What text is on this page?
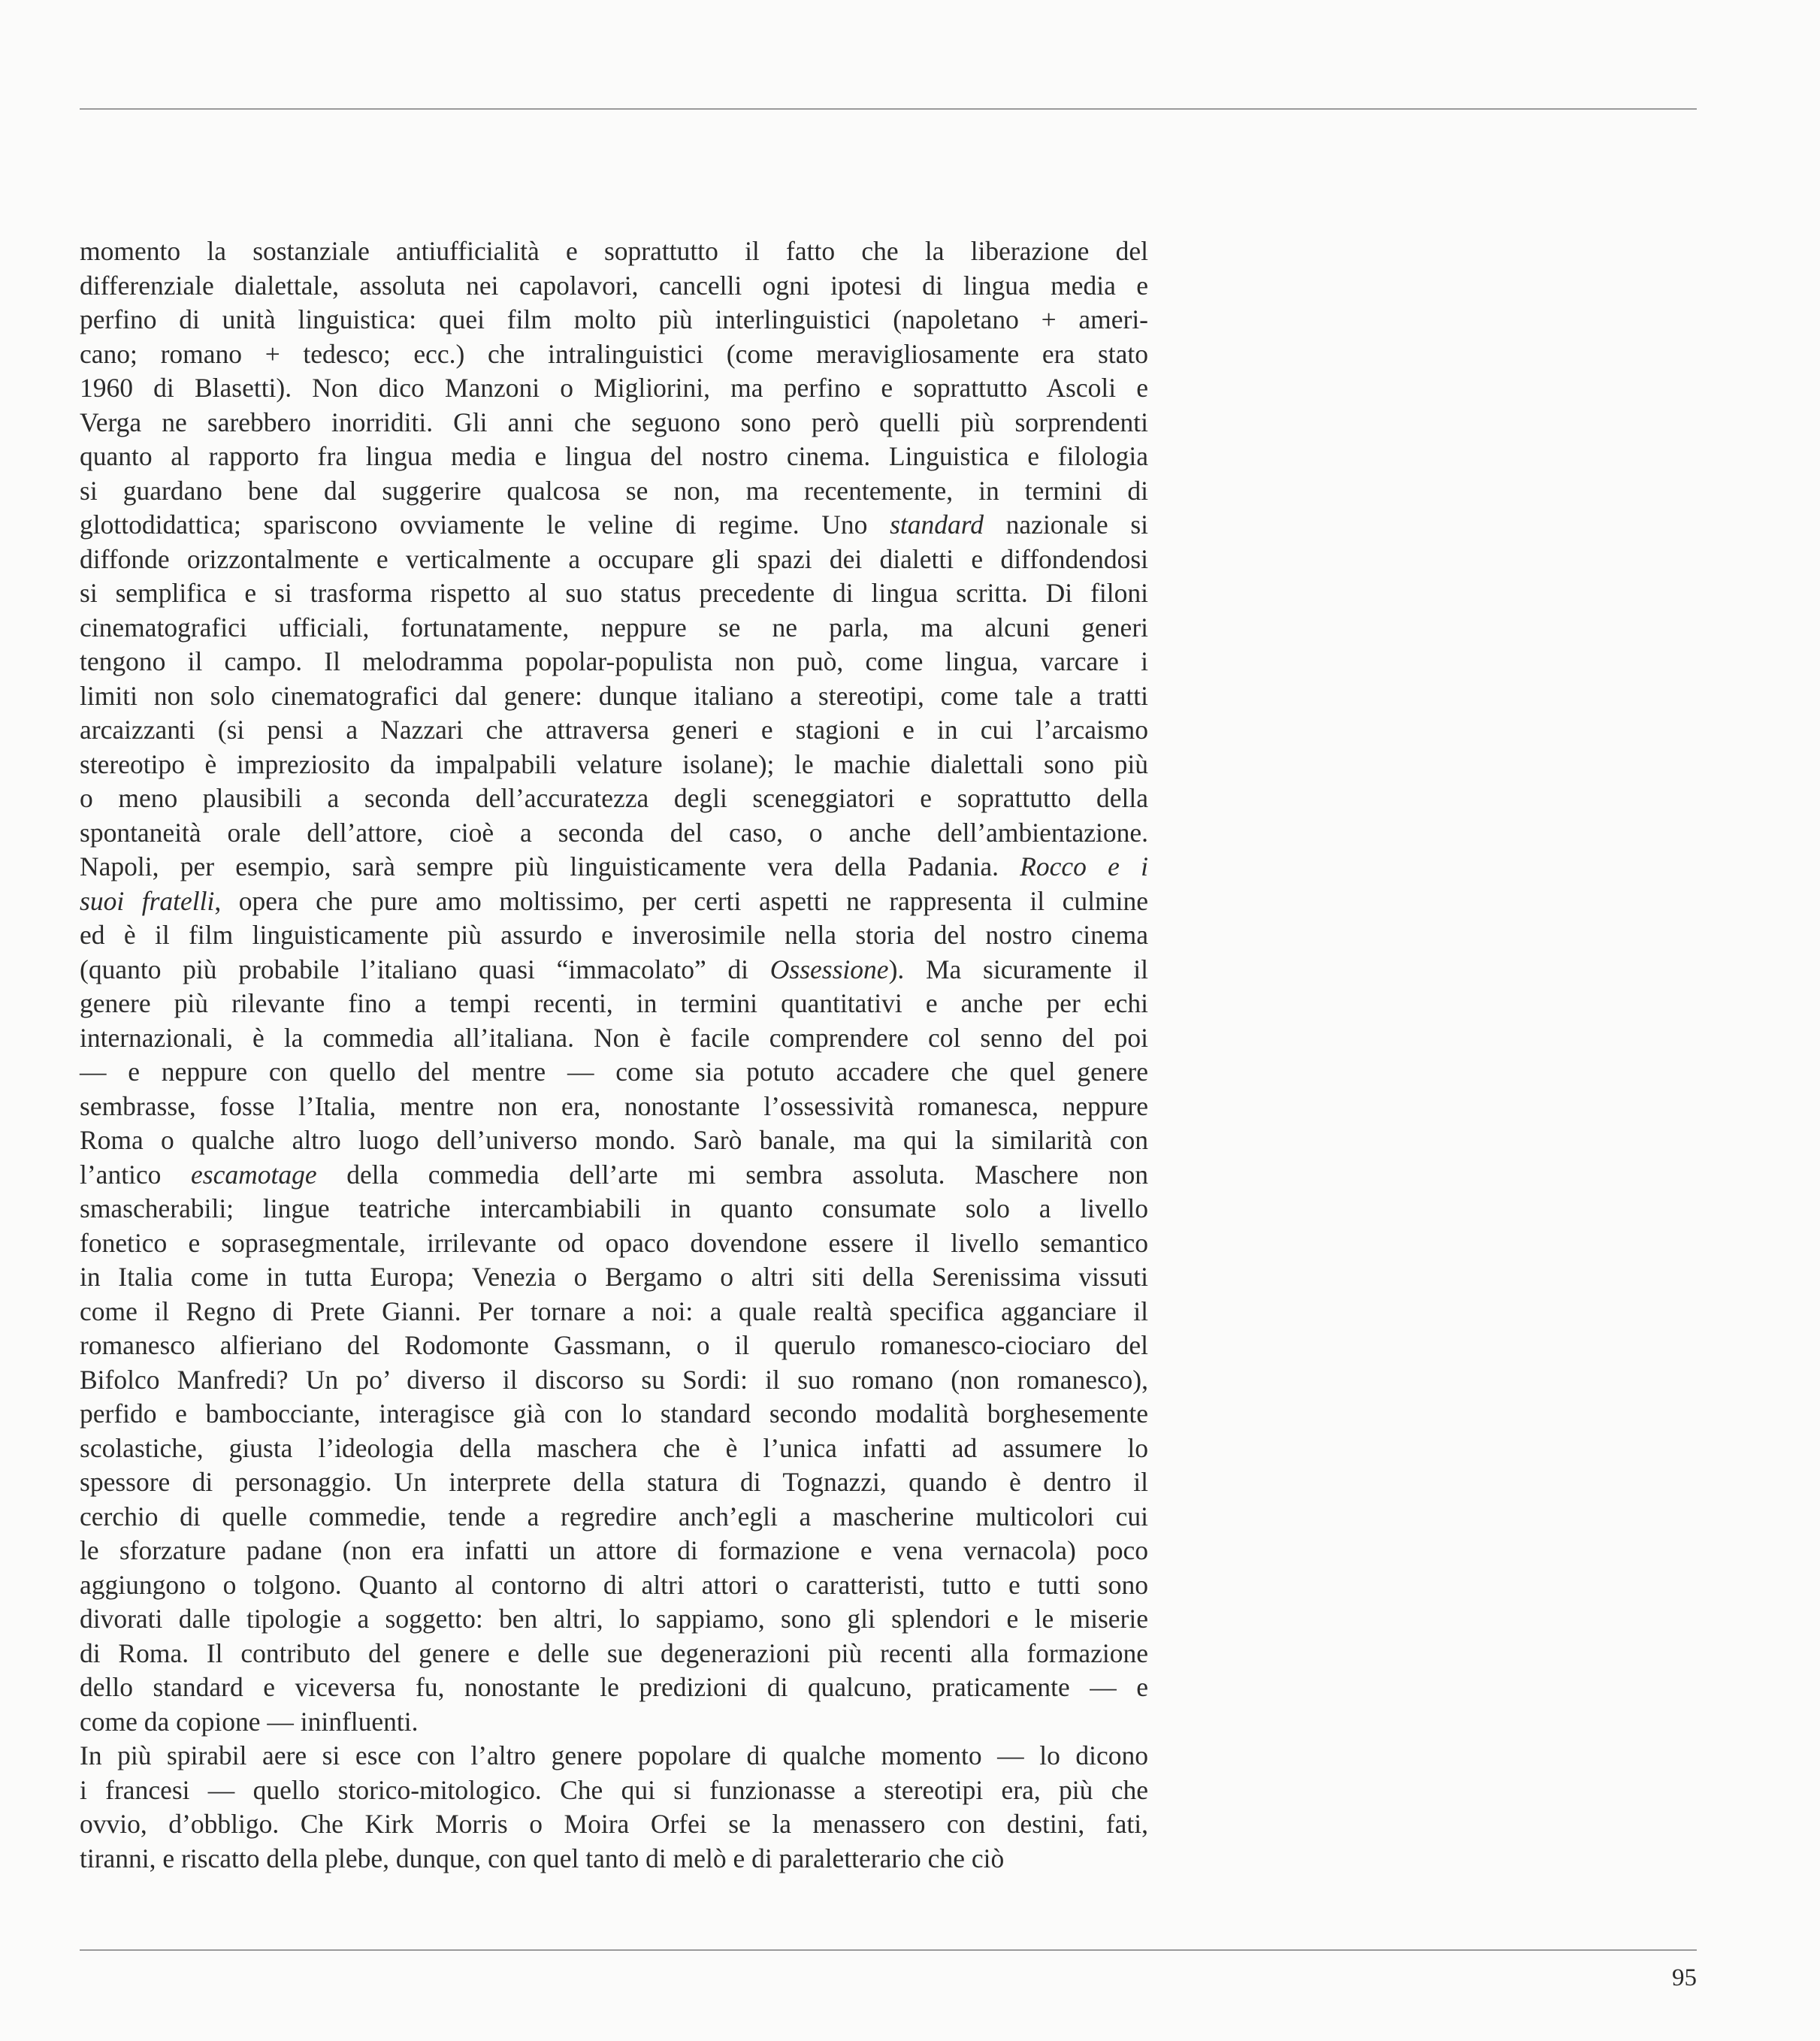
momento la sostanziale antiufficialità e soprattutto il fatto che la liberazione del
differenziale dialettale, assoluta nei capolavori, cancelli ogni ipotesi di lingua media e
perfino di unità linguistica: quei film molto più interlinguistici (napoletano + ameri-
cano; romano + tedesco; ecc.) che intralinguistici (come meravigliosamente era stato
1960 di Blasetti). Non dico Manzoni o Migliorini, ma perfino e soprattutto Ascoli e
Verga ne sarebbero inorriditi. Gli anni che seguono sono però quelli più sorprendenti
quanto al rapporto fra lingua media e lingua del nostro cinema. Linguistica e filologia
si guardano bene dal suggerire qualcosa se non, ma recentemente, in termini di
glottodidattica; spariscono ovviamente le veline di regime. Uno standard nazionale si
diffonde orizzontalmente e verticalmente a occupare gli spazi dei dialetti e diffondendosi
si semplifica e si trasforma rispetto al suo status precedente di lingua scritta. Di filoni
cinematografici ufficiali, fortunatamente, neppure se ne parla, ma alcuni generi
tengono il campo. Il melodramma popolar-populista non può, come lingua, varcare i
limiti non solo cinematografici dal genere: dunque italiano a stereotipi, come tale a tratti
arcaizzanti (si pensi a Nazzari che attraversa generi e stagioni e in cui l’arcaismo
stereotipo è impreziosito da impalpabili velature isolane); le machie dialettali sono più
o meno plausibili a seconda dell’accuratezza degli sceneggiatori e soprattutto della
spontaneità orale dell’attore, cioè a seconda del caso, o anche dell’ambientazione.
Napoli, per esempio, sarà sempre più linguisticamente vera della Padania. Rocco e i
suoi fratelli, opera che pure amo moltissimo, per certi aspetti ne rappresenta il culmine
ed è il film linguisticamente più assurdo e inverosimile nella storia del nostro cinema
(quanto più probabile l’italiano quasi “immacolato” di Ossessione). Ma sicuramente il
genere più rilevante fino a tempi recenti, in termini quantitativi e anche per echi
internazionali, è la commedia all’italiana. Non è facile comprendere col senno del poi
— e neppure con quello del mentre — come sia potuto accadere che quel genere
sembrasse, fosse l’Italia, mentre non era, nonostante l’ossessività romanesca, neppure
Roma o qualche altro luogo dell’universo mondo. Sarò banale, ma qui la similarità con
l’antico escamotage della commedia dell’arte mi sembra assoluta. Maschere non
smascherabili; lingue teatriche intercambiabili in quanto consumate solo a livello
fonetico e soprasegmentale, irrilevante od opaco dovendone essere il livello semantico
in Italia come in tutta Europa; Venezia o Bergamo o altri siti della Serenissima vissuti
come il Regno di Prete Gianni. Per tornare a noi: a quale realtà specifica agganciare il
romanesco alfieriano del Rodomonte Gassmann, o il querulo romanesco-ciociaro del
Bifolco Manfredi? Un po’ diverso il discorso su Sordi: il suo romano (non romanesco),
perfido e bambocciante, interagisce già con lo standard secondo modalità borghesemente
scolastiche, giusta l’ideologia della maschera che è l’unica infatti ad assumere lo
spessore di personaggio. Un interprete della statura di Tognazzi, quando è dentro il
cerchio di quelle commedie, tende a regredire anch’egli a mascherine multicolori cui
le sforzature padane (non era infatti un attore di formazione e vena vernacola) poco
aggiungono o tolgono. Quanto al contorno di altri attori o caratteristi, tutto e tutti sono
divorati dalle tipologie a soggetto: ben altri, lo sappiamo, sono gli splendori e le miserie
di Roma. Il contributo del genere e delle sue degenerazioni più recenti alla formazione
dello standard e viceversa fu, nonostante le predizioni di qualcuno, praticamente — e
come da copione — ininfluenti.
In più spirabil aere si esce con l’altro genere popolare di qualche momento — lo dicono
i francesi — quello storico-mitologico. Che qui si funzionasse a stereotipi era, più che
ovvio, d’obbligo. Che Kirk Morris o Moira Orfei se la menassero con destini, fati,
tiranni, e riscatto della plebe, dunque, con quel tanto di melò e di paraletterario che ciò
95
